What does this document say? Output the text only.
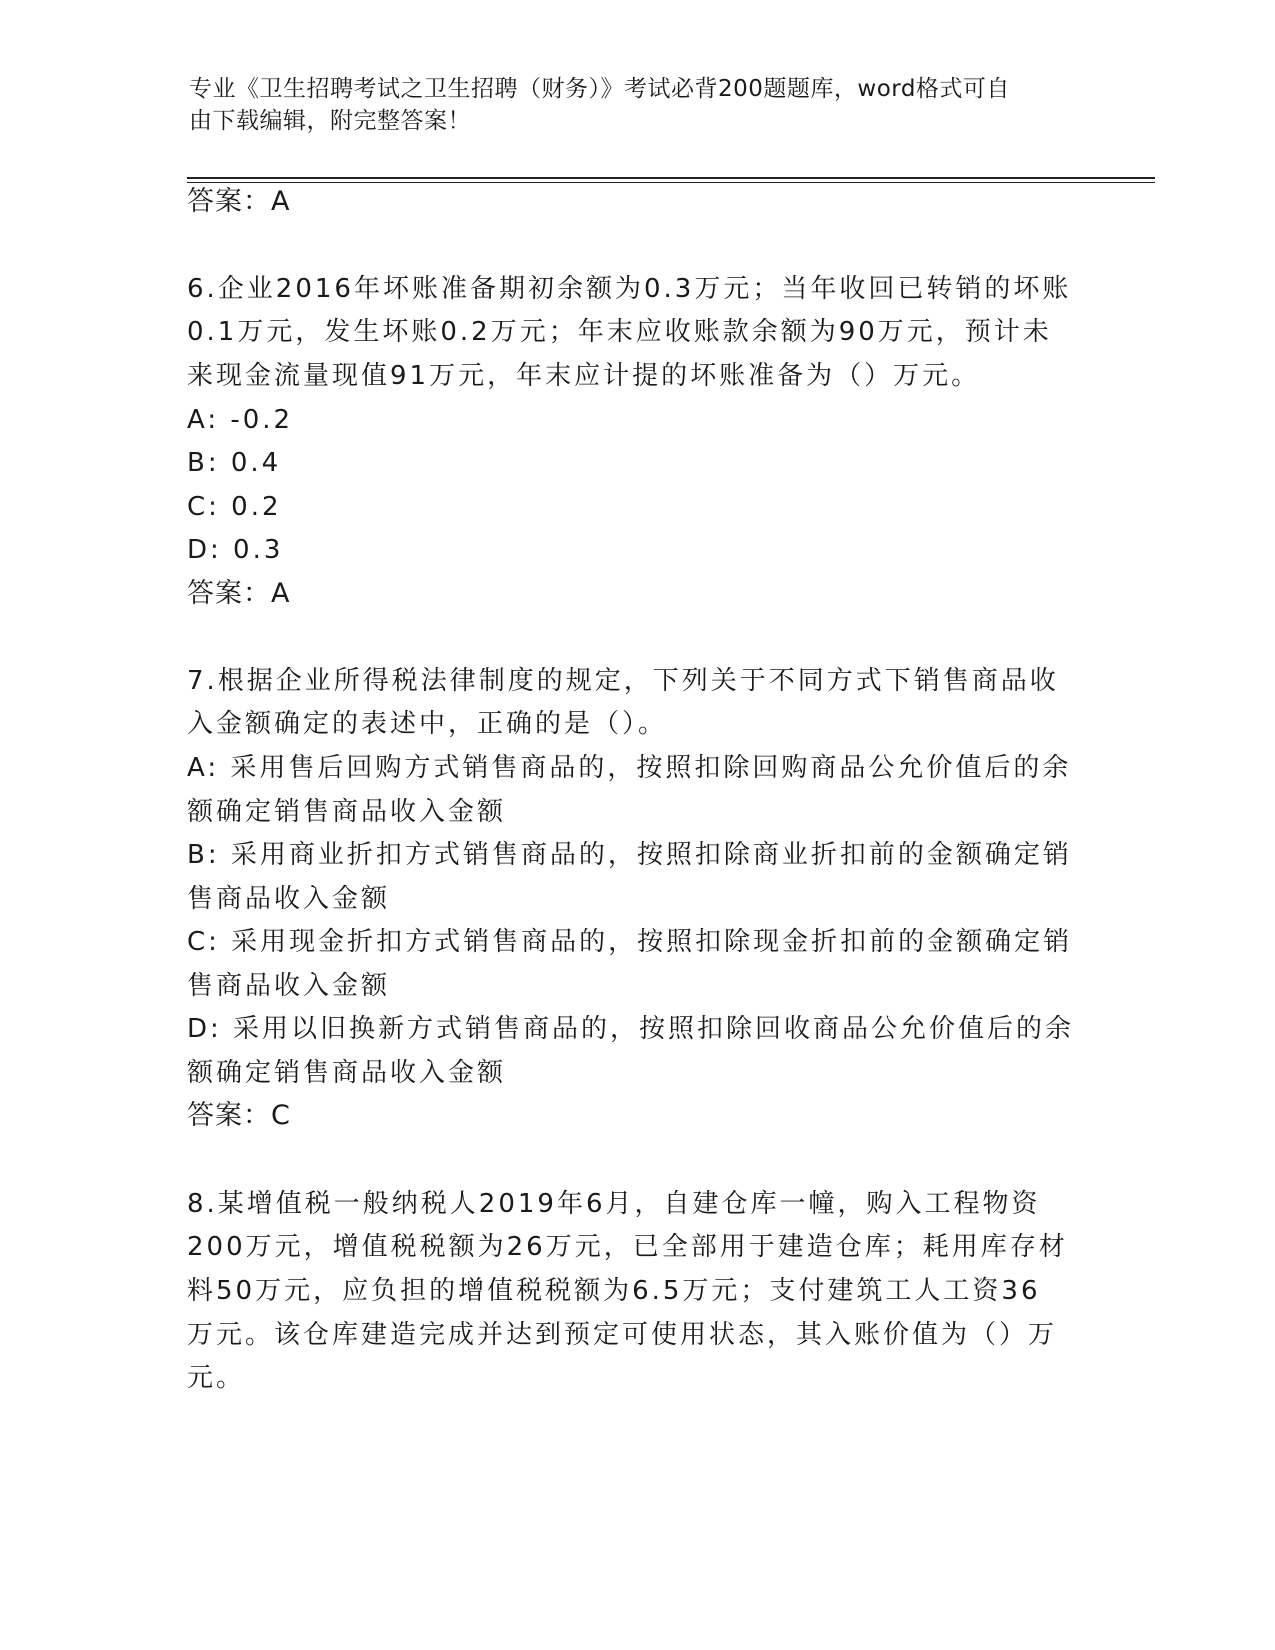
专业《卫生招聘考试之卫生招聘（财务）》考试必背200题题库，word格式可自
由下载编辑，附完整答案！
答案：A
6.企业2016年坏账准备期初余额为0.3万元；当年收回已转销的坏账
0.1万元，发生坏账0.2万元；年末应收账款余额为90万元，预计未
来现金流量现值91万元，年末应计提的坏账准备为（）万元。
A: -0.2
B: 0.4
C: 0.2
D: 0.3
答案：A
7.根据企业所得税法律制度的规定，下列关于不同方式下销售商品收
入金额确定的表述中，正确的是（）。
A: 采用售后回购方式销售商品的，按照扣除回购商品公允价值后的余
额确定销售商品收入金额
B: 采用商业折扣方式销售商品的，按照扣除商业折扣前的金额确定销
售商品收入金额
C: 采用现金折扣方式销售商品的，按照扣除现金折扣前的金额确定销
售商品收入金额
D: 采用以旧换新方式销售商品的，按照扣除回收商品公允价值后的余
额确定销售商品收入金额
答案：C
8.某增值税一般纳税人2019年6月，自建仓库一幢，购入工程物资
200万元，增值税税额为26万元，已全部用于建造仓库；耗用库存材
料50万元，应负担的增值税税额为6.5万元；支付建筑工人工资36
万元。该仓库建造完成并达到预定可使用状态，其入账价值为（）万
元。
